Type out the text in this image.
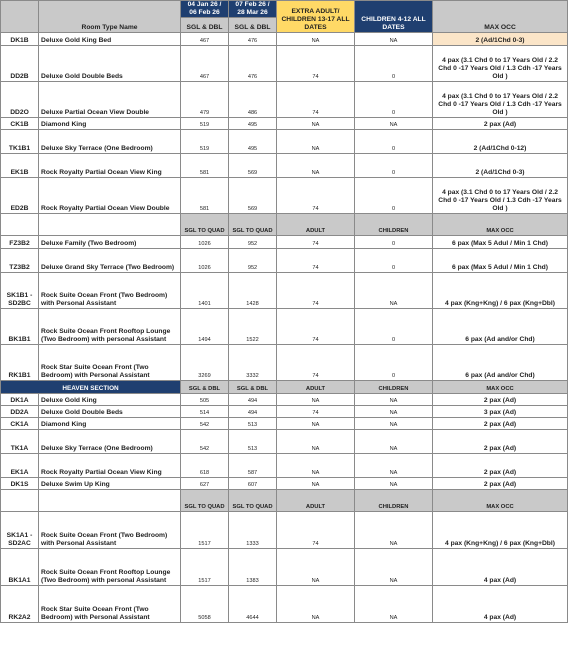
	Room Type Name	04 Jan 26 / 06 Feb 26	07 Feb 26 / 28 Mar 26	EXTRA ADULT/ CHILDREN 13-17 ALL DATES	CHILDREN 4-12 ALL DATES	MAX OCC
		SGL & DBL	SGL & DBL			
DK1B	Deluxe Gold King Bed	467	476	NA	NA	2 (Ad/1Chd 0-3)
DD2B	Deluxe Gold Double Beds	467	476	74	0	4 pax (3.1 Chd 0 to 17 Years Old / 2.2 Chd 0 -17 Years Old / 1.3 Cdh -17 Years Old )
DD2O	Deluxe Partial Ocean View Double	479	486	74	0	4 pax (3.1 Chd 0 to 17 Years Old / 2.2 Chd 0 -17 Years Old / 1.3 Cdh -17 Years Old )
CK1B	Diamond King	519	495	NA	NA	2 pax (Ad)
TK1B1	Deluxe Sky Terrace (One Bedroom)	519	495	NA	0	2 (Ad/1Chd 0-12)
EK1B	Rock Royalty Partial Ocean View King	581	569	NA	0	2 (Ad/1Chd 0-3)
ED2B	Rock Royalty Partial Ocean View Double	581	569	74	0	4 pax (3.1 Chd 0 to 17 Years Old / 2.2 Chd 0 -17 Years Old / 1.3 Cdh -17 Years Old )
		SGL TO QUAD	SGL TO QUAD	ADULT	CHILDREN	MAX OCC
FZ3B2	Deluxe Family (Two Bedroom)	1026	952	74	0	6 pax (Max 5 Adul / Min 1 Chd)
TZ3B2	Deluxe Grand Sky Terrace (Two Bedroom)	1026	952	74	0	6 pax (Max 5 Adul / Min 1 Chd)
SK1B1 - SD2BC	Rock Suite Ocean Front (Two Bedroom) with Personal Assistant	1401	1428	74	NA	4 pax (Kng+Kng) / 6 pax (Kng+Dbl)
BK1B1	Rock Suite Ocean Front Rooftop Lounge (Two Bedroom) with personal Assistant	1494	1522	74	0	6 pax (Ad and/or Chd)
RK1B1	Rock Star Suite Ocean Front (Two Bedroom) with Personal Assistant	3269	3332	74	0	6 pax (Ad and/or Chd)
HEAVEN SECTION		SGL & DBL	SGL & DBL	ADULT	CHILDREN	MAX OCC
DK1A	Deluxe Gold King	505	494	NA	NA	2 pax (Ad)
DD2A	Deluxe Gold Double Beds	514	494	74	NA	3 pax (Ad)
CK1A	Diamond King	542	513	NA	NA	2 pax (Ad)
TK1A	Deluxe Sky Terrace (One Bedroom)	542	513	NA	NA	2 pax (Ad)
EK1A	Rock Royalty Partial Ocean View King	618	587	NA	NA	2 pax (Ad)
DK1S	Deluxe Swim Up King	627	607	NA	NA	2 pax (Ad)
		SGL TO QUAD	SGL TO QUAD	ADULT	CHILDREN	MAX OCC
SK1A1 - SD2AC	Rock Suite Ocean Front (Two Bedroom) with Personal Assistant	1517	1333	74	NA	4 pax (Kng+Kng) / 6 pax (Kng+Dbl)
BK1A1	Rock Suite Ocean Front Rooftop Lounge (Two Bedroom) with personal Assistant	1517	1383	NA	NA	4 pax (Ad)
RK2A2	Rock Star Suite Ocean Front (Two Bedroom) with Personal Assistant	5058	4644	NA	NA	4 pax (Ad)
